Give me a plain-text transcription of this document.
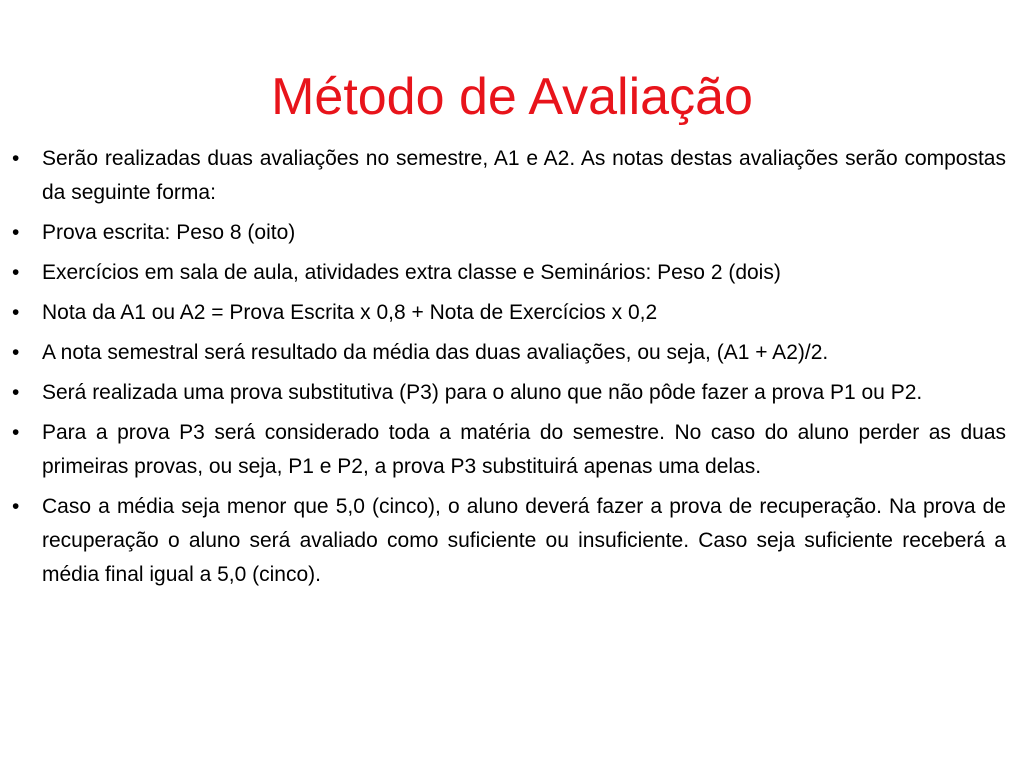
Método de Avaliação
•	Serão realizadas duas avaliações no semestre, A1 e A2. As notas destas avaliações serão compostas da seguinte forma:
•	Prova escrita: Peso 8 (oito)
•	Exercícios em sala de aula, atividades extra classe e Seminários: Peso 2 (dois)
•	Nota da A1 ou A2 = Prova Escrita x 0,8 + Nota de Exercícios x 0,2
•	A nota semestral será resultado da média das duas avaliações, ou seja, (A1 + A2)/2.
•	Será realizada uma prova substitutiva (P3) para o aluno que não pôde fazer a prova P1 ou P2.
•	Para a prova P3 será considerado toda a matéria do semestre. No caso do aluno perder as duas primeiras provas, ou seja, P1 e P2, a prova P3 substituirá apenas uma delas.
•	Caso a média seja menor que 5,0 (cinco), o aluno deverá fazer a prova de recuperação. Na prova de recuperação o aluno será avaliado como suficiente ou insuficiente. Caso seja suficiente receberá a média final igual a 5,0 (cinco).
